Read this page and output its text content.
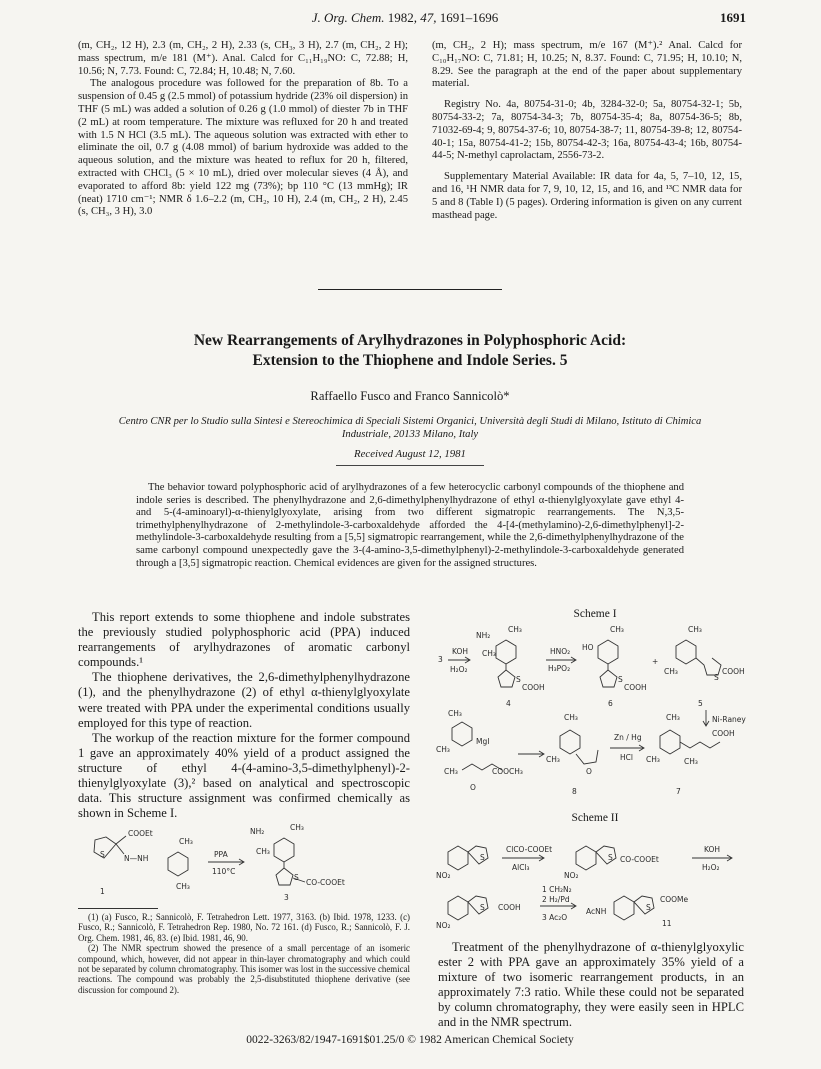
J. Org. Chem. 1982, 47, 1691–1696	1691

(m, CH₂, 12 H), 2.3 (m, CH₂, 2 H), 2.33 (s, CH₃, 3 H), 2.7 (m, CH₂, 2 H); mass spectrum, m/e 181 (M⁺). Anal. Calcd for C₁₁H₁₉NO: C, 72.88; H, 10.56; N, 7.73. Found: C, 72.84; H, 10.48; N, 7.60.

The analogous procedure was followed for the preparation of 8b. To a suspension of 0.45 g (2.5 mmol) of potassium hydride (23% oil dispersion) in THF (5 mL) was added a solution of 0.26 g (1.0 mmol) of diester 7b in THF (2 mL) at room temperature. The mixture was refluxed for 20 h and treated with 1.5 N HCl (3.5 mL). The aqueous solution was extracted with ether to eliminate the oil, 0.7 g (4.08 mmol) of barium hydroxide was added to the aqueous solution, and the mixture was heated to reflux for 20 h, filtered, extracted with CHCl₃ (5 × 10 mL), dried over molecular sieves (4 Å), and evaporated to afford 8b: yield 122 mg (73%); bp 110 °C (13 mmHg); IR (neat) 1710 cm⁻¹; NMR δ 1.6–2.2 (m, CH₂, 10 H), 2.4 (m, CH₂, 2 H), 2.45 (s, CH₃, 3 H), 3.0

(m, CH₂, 2 H); mass spectrum, m/e 167 (M⁺).² Anal. Calcd for C₁₀H₁₇NO: C, 71.81; H, 10.25; N, 8.37. Found: C, 71.95; H, 10.10; N, 8.29. See the paragraph at the end of the paper about supplementary material.

Registry No. 4a, 80754-31-0; 4b, 3284-32-0; 5a, 80754-32-1; 5b, 80754-33-2; 7a, 80754-34-3; 7b, 80754-35-4; 8a, 80754-36-5; 8b, 71032-69-4; 9, 80754-37-6; 10, 80754-38-7; 11, 80754-39-8; 12, 80754-40-1; 15a, 80754-41-2; 15b, 80754-42-3; 16a, 80754-43-4; 16b, 80754-44-5; N-methyl caprolactam, 2556-73-2.

Supplementary Material Available: IR data for 4a, 5, 7–10, 12, 15, and 16, ¹H NMR data for 7, 9, 10, 12, 15, and 16, and ¹³C NMR data for 5 and 8 (Table I) (5 pages). Ordering information is given on any current masthead page.

New Rearrangements of Arylhydrazones in Polyphosphoric Acid:
Extension to the Thiophene and Indole Series. 5
Raffaello Fusco and Franco Sannicolò*
Centro CNR per lo Studio sulla Sintesi e Stereochimica di Speciali Sistemi Organici, Università degli Studi di Milano, Istituto di Chimica Industriale, 20133 Milano, Italy
Received August 12, 1981

The behavior toward polyphosphoric acid of arylhydrazones of a few heterocyclic carbonyl compounds of the thiophene and indole series is described. The phenylhydrazone and 2,6-dimethylphenylhydrazone of ethyl α-thienylglyoxylate gave ethyl 4- and 5-(4-aminoaryl)-α-thienylglyoxylate, arising from two different sigmatropic rearrangements. The N,3,5-trimethylphenylhydrazone of 2-methylindole-3-carboxaldehyde afforded the 4-[4-(methylamino)-2,6-dimethylphenyl]-2-methylindole-3-carboxaldehyde resulting from a [5,5] sigmatropic rearrangement, while the 2,6-dimethylphenylhydrazone of the same carbonyl compound unexpectedly gave the 3-(4-amino-3,5-dimethylphenyl)-2-methylindole-3-carboxaldehyde generated through a [3,5] sigmatropic reaction. Chemical evidences are given for the assigned structures.

This report extends to some thiophene and indole substrates the previously studied polyphosphoric acid (PPA) induced rearrangements of arylhydrazones of aromatic carbonyl compounds.¹

The thiophene derivatives, the 2,6-dimethylphenylhydrazone (1), and the phenylhydrazone (2) of ethyl α-thienylglyoxylate were treated with PPA under the experimental conditions usually employed for this type of reaction.

The workup of the reaction mixture for the former compound 1 gave an approximately 40% yield of a product assigned the structure of ethyl 4-(4-amino-3,5-dimethylphenyl)-2-thienylglyoxylate (3),² based on analytical and spectroscopic data. This structure assignment was confirmed chemically as shown in Scheme I.

S
COOEt
N—NH
CH₃
CH₃
1
PPA
110°C
NH₂	CH₃
CH₃
S
CO-COOEt
3

(1) (a) Fusco, R.; Sannicolò, F. Tetrahedron Lett. 1977, 3163. (b) Ibid. 1978, 1233. (c) Fusco, R.; Sannicolò, F. Tetrahedron Rep. 1980, No. 72 161. (d) Fusco, R.; Sannicolò, F. J. Org. Chem. 1981, 46, 83. (e) Ibid. 1981, 46, 90.

(2) The NMR spectrum showed the presence of a small percentage of an isomeric compound, which, however, did not appear in thin-layer chromatography and which could not be separated by column chromatography. This isomer was lost in the successive chemical reactions. The compound was probably the 2,5-disubstituted thiophene derivative (see discussion for compound 2).

Scheme I
3
KOH
H₂O₂
NH₂
CH₃
CH₃
S
COOH
4
HNO₂
H₃PO₂
HO
CH₃
S
COOH
6
+
CH₃
CH₃
S
COOH
5
Ni-Raney
CH₃
CH₃
MgI
CH₃	COOCH₃
O
CH₃
CH₃
O
8
Zn / Hg
HCl
CH₃
CH₃
COOH
CH₃
7
Scheme II
NO₂
S
ClCO-COOEt
AlCl₃
NO₂
S CO-COOEt
KOH
H₂O₂
NO₂
S COOH
1 CH₂N₂
2 H₂/Pd
3 Ac₂O
AcNH	S
COOMe
11

Treatment of the phenylhydrazone of α-thienylglyoxylic ester 2 with PPA gave an approximately 35% yield of a mixture of two isomeric rearrangement products, in an approximately 7:3 ratio. While these could not be separated by column chromatography, they were easily seen in HPLC and in the NMR spectrum.

0022-3263/82/1947-1691$01.25/0 © 1982 American Chemical Society
